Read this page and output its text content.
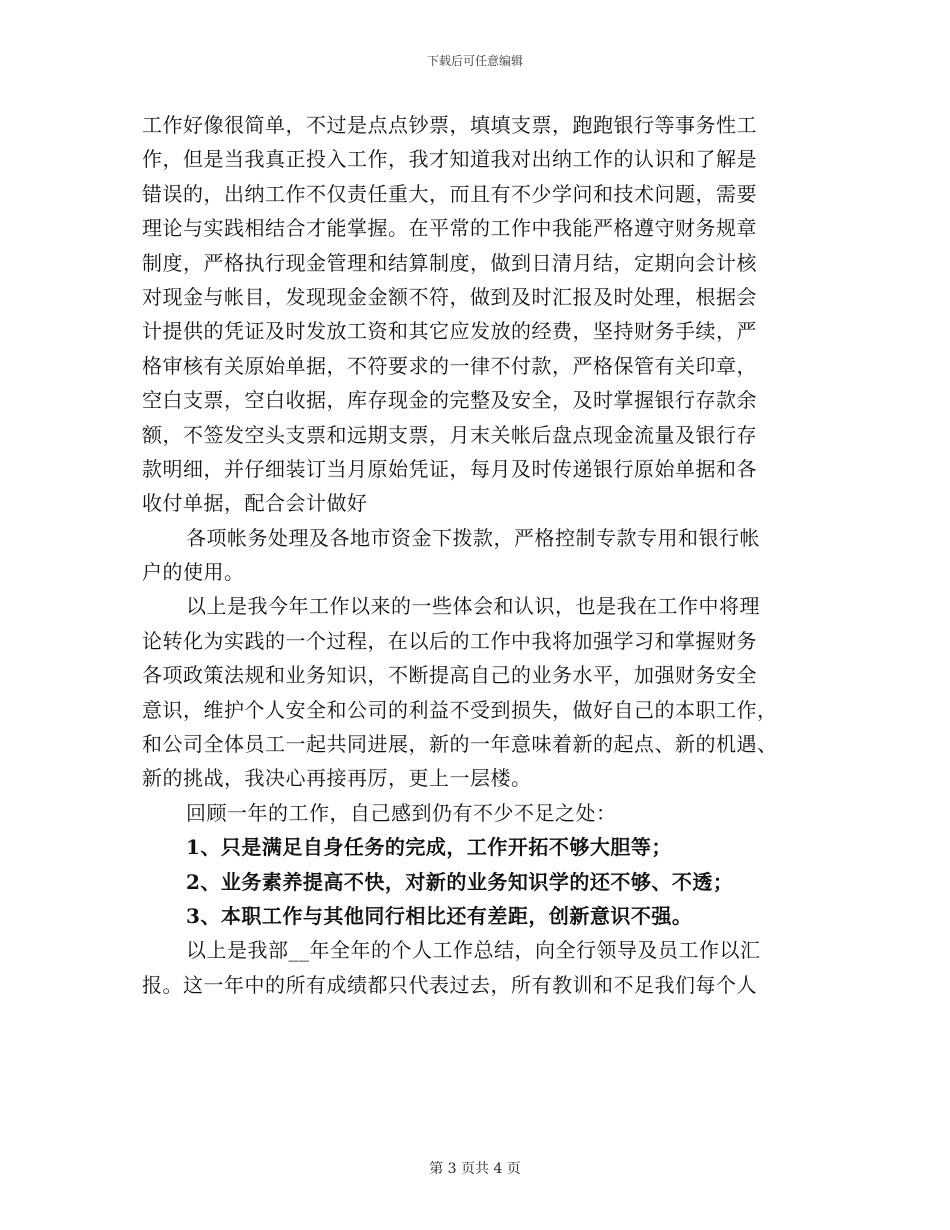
下载后可任意编辑
工作好像很简单，不过是点点钞票，填填支票，跑跑银行等事务性工
作，但是当我真正投入工作，我才知道我对出纳工作的认识和了解是
错误的，出纳工作不仅责任重大，而且有不少学问和技术问题，需要
理论与实践相结合才能掌握。在平常的工作中我能严格遵守财务规章
制度，严格执行现金管理和结算制度，做到日清月结，定期向会计核
对现金与帐目，发现现金金额不符，做到及时汇报及时处理，根据会
计提供的凭证及时发放工资和其它应发放的经费，坚持财务手续，严
格审核有关原始单据，不符要求的一律不付款，严格保管有关印章，
空白支票，空白收据，库存现金的完整及安全，及时掌握银行存款余
额，不签发空头支票和远期支票，月末关帐后盘点现金流量及银行存
款明细，并仔细装订当月原始凭证，每月及时传递银行原始单据和各
收付单据，配合会计做好
各项帐务处理及各地市资金下拨款，严格控制专款专用和银行帐
户的使用。
以上是我今年工作以来的一些体会和认识，也是我在工作中将理
论转化为实践的一个过程，在以后的工作中我将加强学习和掌握财务
各项政策法规和业务知识，不断提高自己的业务水平，加强财务安全
意识，维护个人安全和公司的利益不受到损失，做好自己的本职工作，
和公司全体员工一起共同进展，新的一年意味着新的起点、新的机遇、
新的挑战，我决心再接再厉，更上一层楼。
回顾一年的工作，自己感到仍有不少不足之处：
1、只是满足自身任务的完成，工作开拓不够大胆等；
2、业务素养提高不快，对新的业务知识学的还不够、不透；
3、本职工作与其他同行相比还有差距，创新意识不强。
以上是我部__年全年的个人工作总结，向全行领导及员工作以汇
报。这一年中的所有成绩都只代表过去，所有教训和不足我们每个人
第 3 页共 4 页
